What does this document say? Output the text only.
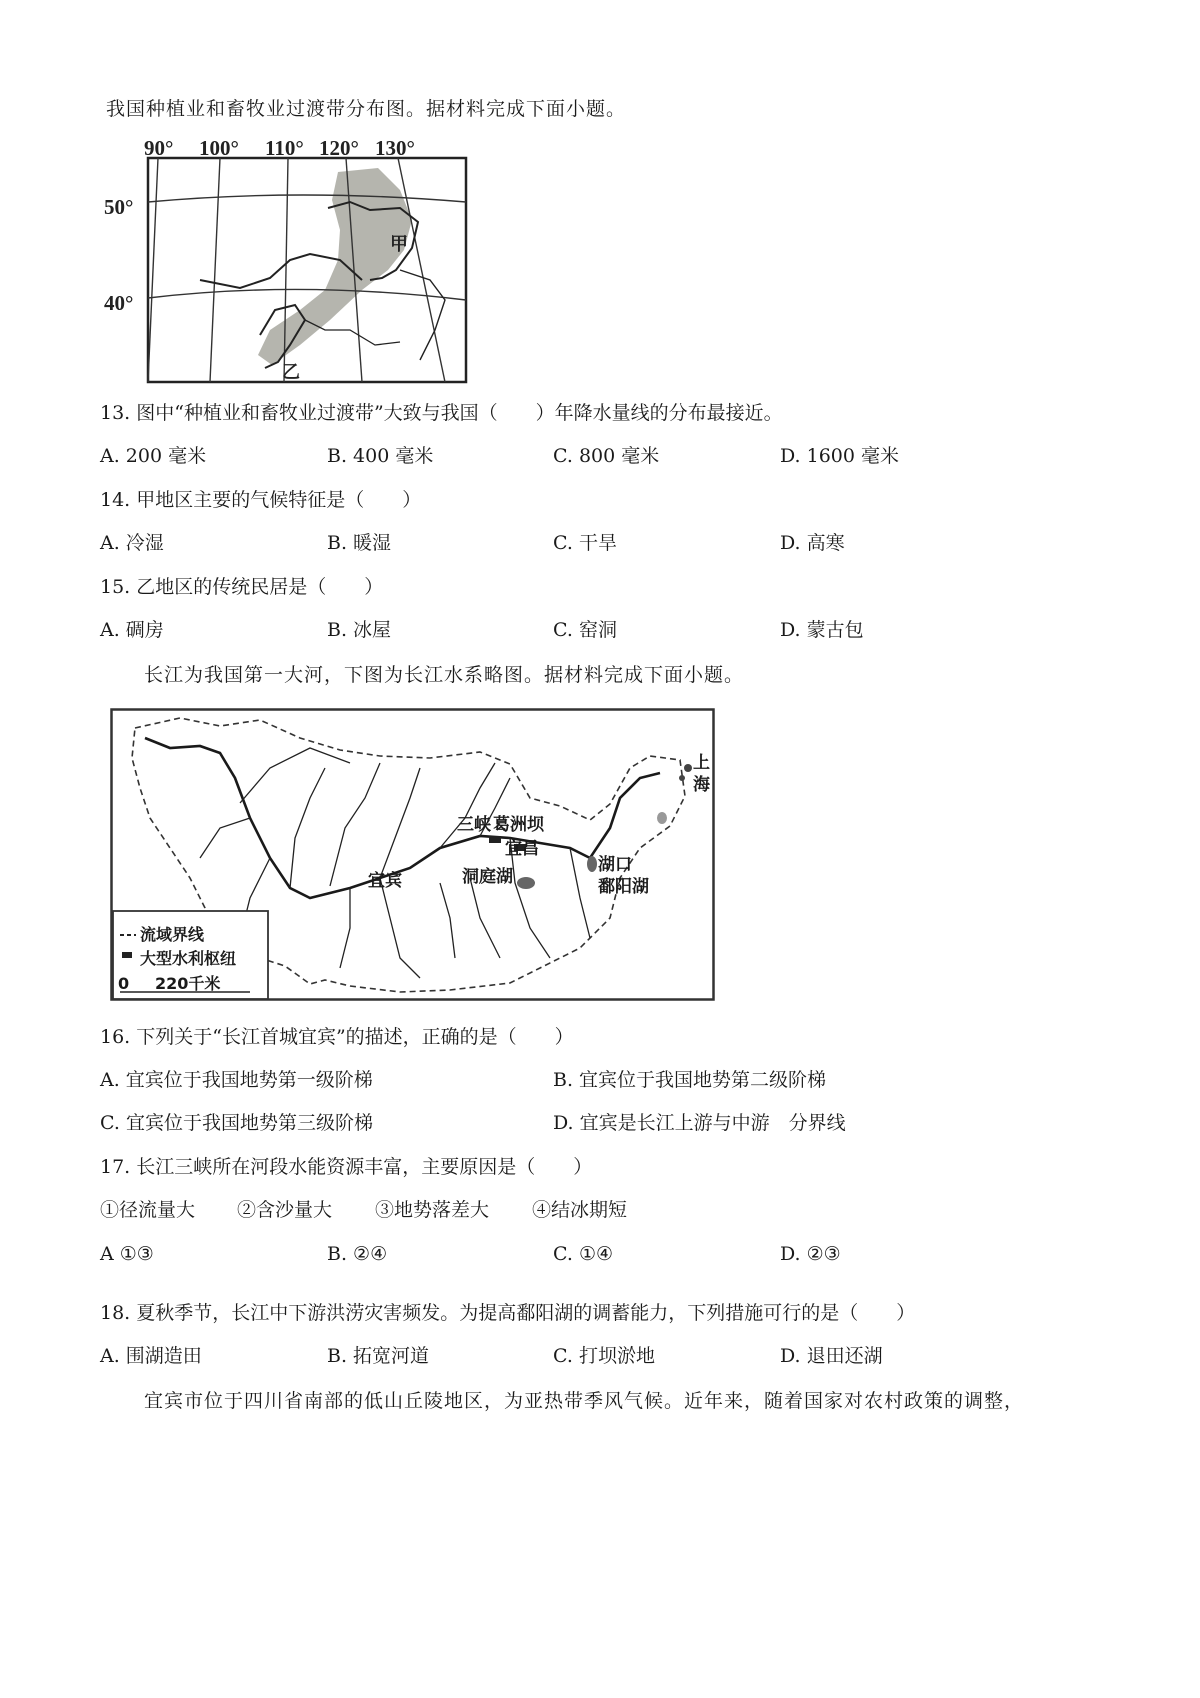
我国种植业和畜牧业过渡带分布图。据材料完成下面小题。
90° 100° 110° 120° 130°
50°
40°
甲
乙
13. 图中“种植业和畜牧业过渡带”大致与我国（　　）年降水量线的分布最接近。
A. 200 毫米	B. 400 毫米	C. 800 毫米	D. 1600 毫米
14. 甲地区主要的气候特征是（　　）
A. 冷湿	B. 暖湿	C. 干旱	D. 高寒
15. 乙地区的传统民居是（　　）
A. 碉房	B. 冰屋	C. 窑洞	D. 蒙古包
长江为我国第一大河，下图为长江水系略图。据材料完成下面小题。
三峡 葛洲坝
宜昌
上
海
宜宾	洞庭湖
湖口
鄱阳湖
流域界线
大型水利枢纽
0 220千米
16. 下列关于“长江首城宜宾”的描述，正确的是（　　）
A. 宜宾位于我国地势第一级阶梯	B. 宜宾位于我国地势第二级阶梯
C. 宜宾位于我国地势第三级阶梯	D. 宜宾是长江上游与中游　分界线
17. 长江三峡所在河段水能资源丰富，主要原因是（　　）
①径流量大 ②含沙量大 ③地势落差大 ④结冰期短
A ①③	B. ②④	C. ①④	D. ②③
18. 夏秋季节，长江中下游洪涝灾害频发。为提高鄱阳湖的调蓄能力，下列措施可行的是（　　）
A. 围湖造田	B. 拓宽河道	C. 打坝淤地	D. 退田还湖
宜宾市位于四川省南部的低山丘陵地区，为亚热带季风气候。近年来，随着国家对农村政策的调整，
